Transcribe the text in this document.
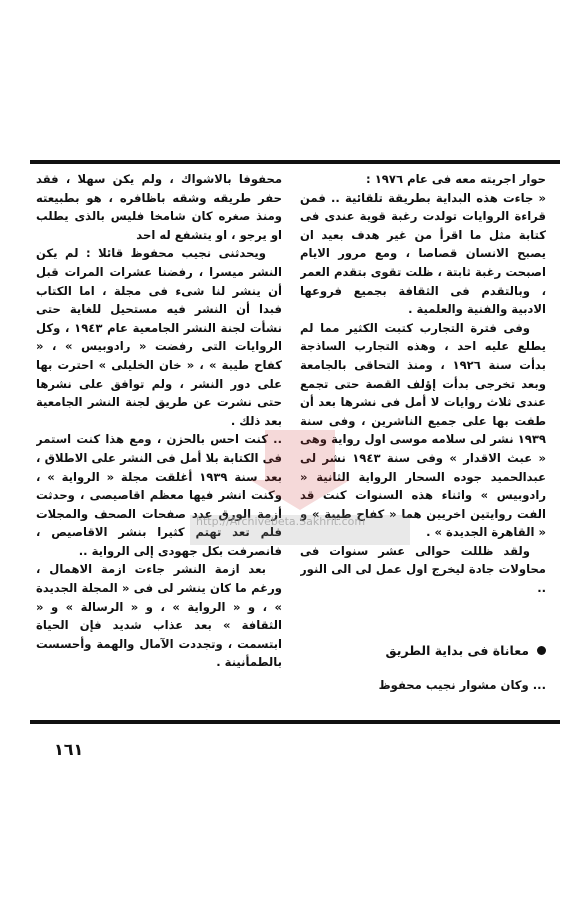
حوار اجريته معه فى عام ١٩٧٦ :

« جاءت هذه البداية بطريقة تلقائية .. فمن قراءة الروايات تولدت رغبة قوية عندى فى كتابة مثل ما اقرأ من غير هدف بعيد ان يصبح الانسان قصاصا ، ومع مرور الايام اصبحت رغبة ثابتة ، ظلت تقوى بتقدم العمر ، وبالتقدم فى الثقافة بجميع فروعها الادبية والفنية والعلمية .

وفى فترة التجارب كتبت الكثير مما لم يطلع عليه احد ، وهذه التجارب الساذجة بدأت سنة ١٩٢٦ ، ومنذ التحاقى بالجامعة وبعد تخرجى بدأت إؤلف القصة حتى تجمع عندى ثلاث روايات لا أمل فى نشرها بعد أن طفت بها على جميع الناشرين ، وفى سنة ١٩٣٩ نشر لى سلامه موسى اول رواية وهى « عبث الاقدار » وفى سنة ١٩٤٣ نشر لى عبدالحميد جوده السحار الرواية الثانية « رادوبيس » واثناء هذه السنوات كنت قد الفت روايتين اخريين هما « كفاح طيبة » و « القاهرة الجديدة » .

ولقد ظللت حوالى عشر سنوات فى محاولات جادة ليخرج اول عمل لى الى النور ..

معاناة فى بداية الطريق

... وكان مشوار نجيب محفوظ

محفوفا بالاشواك ، ولم يكن سهلا ، فقد حفر طريقه وشقه باظافره ، هو بطبيعته ومنذ صغره كان شامخا فليس بالذى يطلب او يرجو ، او يتشفع له احد

ويحدثنى نجيب محفوظ قائلا : لم يكن النشر ميسرا ، رفضنا عشرات المرات قبل أن ينشر لنا شىء فى مجلة ، اما الكتاب فبدا أن النشر فيه مستحيل للغاية حتى نشأت لجنة النشر الجامعية عام ١٩٤٣ ، وكل الروايات التى رفضت « رادوبيس » ، « كفاح طيبة » ، « خان الخليلى » احترت بها على دور النشر ، ولم توافق على نشرها حتى نشرت عن طريق لجنة النشر الجامعية بعد ذلك .

.. كنت احس بالحزن ، ومع هذا كنت استمر فى الكتابة بلا أمل فى النشر على الاطلاق ، بعد سنة ١٩٣٩ أغلقت مجلة « الرواية » ، وكنت انشر فيها معظم اقاصيصى ، وحدثت أزمة الورق عدد صفحات الصحف والمجلات فلم تعد تهتم كثيرا بنشر الاقاصيص ، فانصرفت بكل جهودى إلى الرواية ..

بعد ازمة النشر جاءت ازمة الاهمال ، ورغم ما كان ينشر لى فى « المجلة الجديدة » ، و « الرواية » ، و « الرسالة » و « الثقافة » بعد عذاب شديد فإن الحياة ابتسمت ، وتجددت الآمال والهمة وأحسست بالطمأنينة .

http://Archivebeta.Sakhrit.com
١٦١
